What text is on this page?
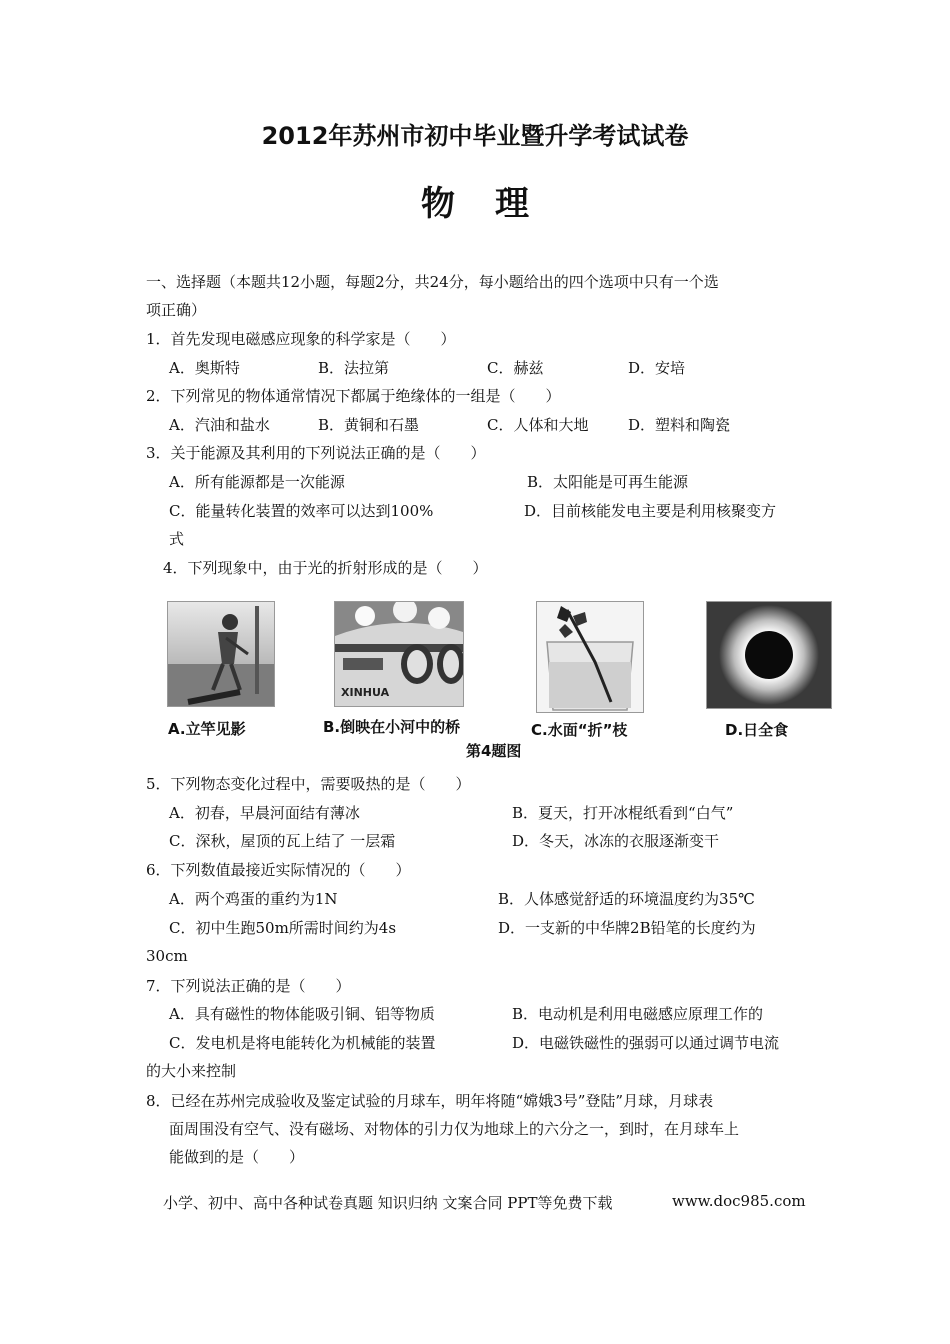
2012年苏州市初中毕业暨升学考试试卷
物理
一、选择题（本题共12小题，每题2分，共24分，每小题给出的四个选项中只有一个选
项正确）
1．首先发现电磁感应现象的科学家是（　　）
A．奥斯特	B．法拉第	C．赫兹	D．安培
2．下列常见的物体通常情况下都属于绝缘体的一组是（　　）
A．汽油和盐水	B．黄铜和石墨	C．人体和大地	D．塑料和陶瓷
3．关于能源及其利用的下列说法正确的是（　　）
A．所有能源都是一次能源	B．太阳能是可再生能源
C．能量转化装置的效率可以达到100%	D．目前核能发电主要是利用核聚变方
式
4．下列现象中，由于光的折射形成的是（　　）
XINHUA
A.立竿见影	B.倒映在小河中的桥	C.水面“折”枝	D.日全食
第4题图
5．下列物态变化过程中，需要吸热的是（　　）
A．初春，早晨河面结有薄冰	B．夏天，打开冰棍纸看到“白气”
C．深秋，屋顶的瓦上结了 一层霜	D．冬天，冰冻的衣服逐渐变干
6．下列数值最接近实际情况的（　　）
A．两个鸡蛋的重约为1N	B．人体感觉舒适的环境温度约为35℃
C．初中生跑50m所需时间约为4s	D．一支新的中华牌2B铅笔的长度约为
30cm
7．下列说法正确的是（　　）
A．具有磁性的物体能吸引铜、铝等物质	B．电动机是利用电磁感应原理工作的
C．发电机是将电能转化为机械能的装置	D．电磁铁磁性的强弱可以通过调节电流
的大小来控制
8．已经在苏州完成验收及鉴定试验的月球车，明年将随“嫦娥3号”登陆”月球，月球表
面周围没有空气、没有磁场、对物体的引力仅为地球上的六分之一，到时，在月球车上
能做到的是（　　）
小学、初中、高中各种试卷真题 知识归纳 文案合同 PPT等免费下载	www.doc985.com
